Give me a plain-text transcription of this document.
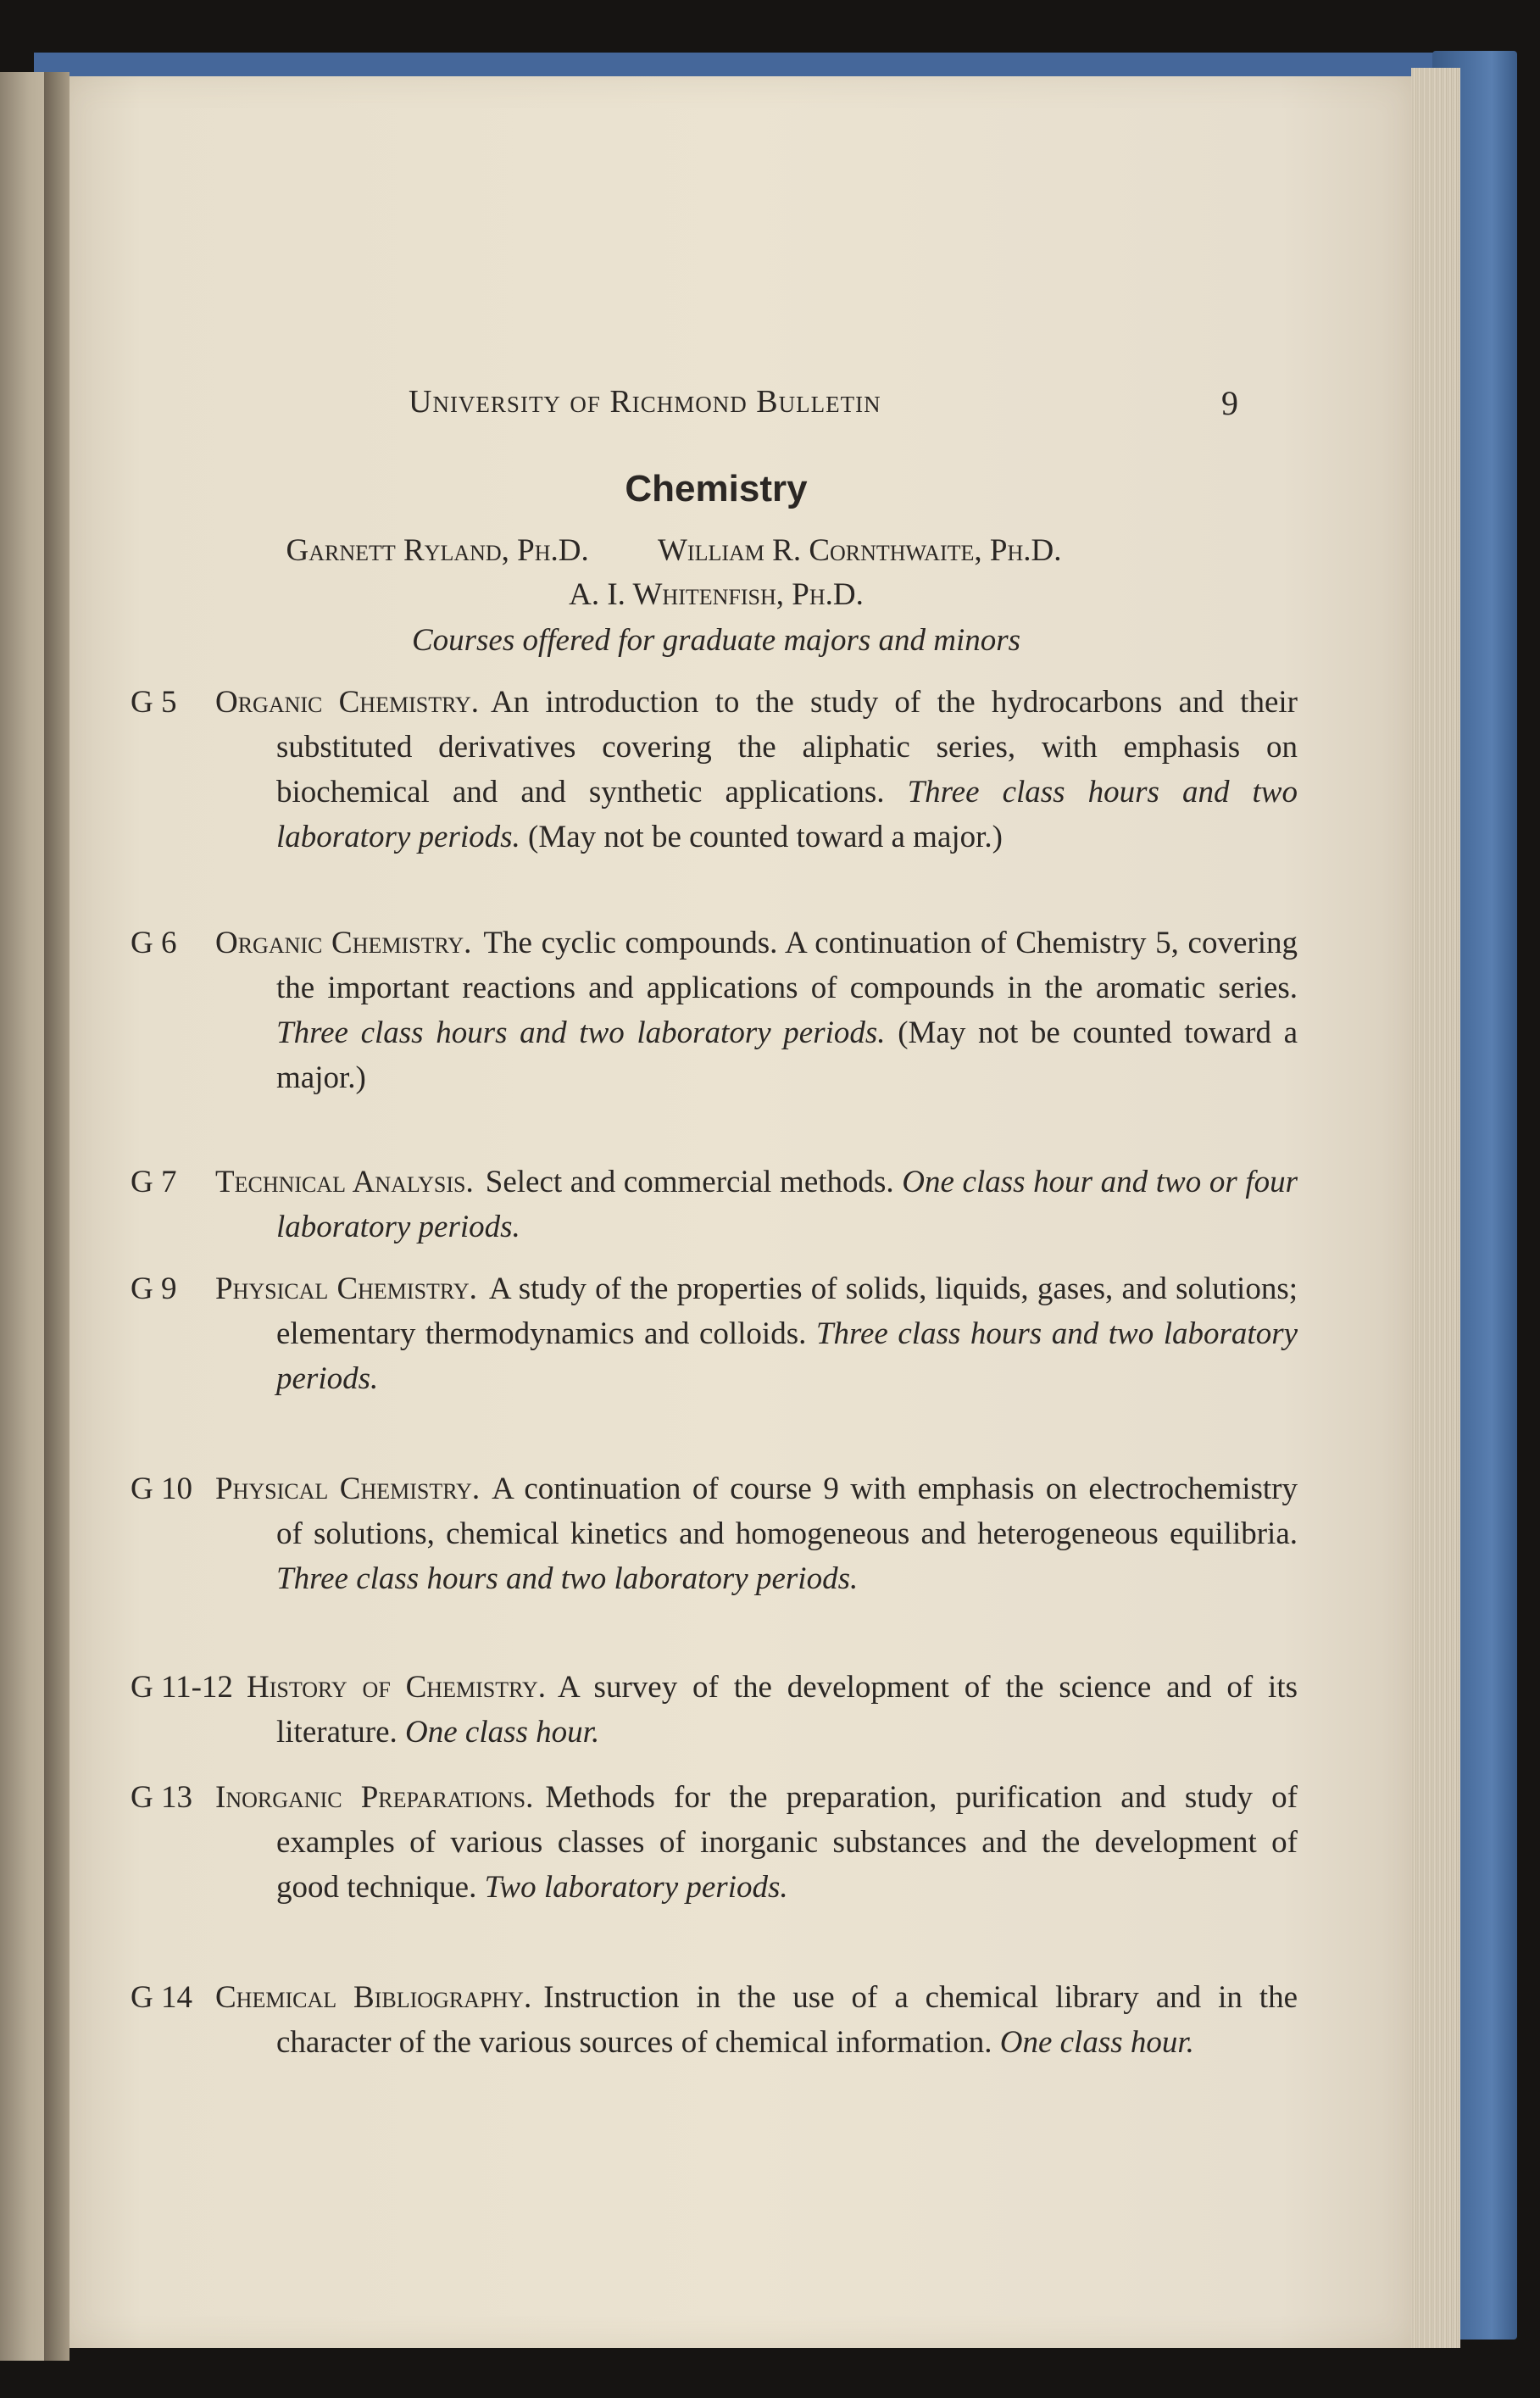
University of Richmond Bulletin	9
Chemistry
Garnett Ryland, Ph.D. William R. Cornthwaite, Ph.D.
A. I. Whitenfish, Ph.D.
Courses offered for graduate majors and minors
G 5 Organic Chemistry. An introduction to the study of the hydrocarbons and their substituted derivatives covering the aliphatic series, with emphasis on biochemical and and synthetic applications. Three class hours and two laboratory periods. (May not be counted toward a major.)
G 6 Organic Chemistry. The cyclic compounds. A continuation of Chemistry 5, covering the important reactions and applications of compounds in the aromatic series. Three class hours and two laboratory periods. (May not be counted toward a major.)
G 7 Technical Analysis. Select and commercial methods. One class hour and two or four laboratory periods.
G 9 Physical Chemistry. A study of the properties of solids, liquids, gases, and solutions; elementary thermodynamics and colloids. Three class hours and two laboratory periods.
G 10 Physical Chemistry. A continuation of course 9 with emphasis on electrochemistry of solutions, chemical kinetics and homogeneous and heterogeneous equilibria. Three class hours and two laboratory periods.
G 11-12 History of Chemistry. A survey of the development of the science and of its literature. One class hour.
G 13 Inorganic Preparations. Methods for the preparation, purification and study of examples of various classes of inorganic substances and the development of good technique. Two laboratory periods.
G 14 Chemical Bibliography. Instruction in the use of a chemical library and in the character of the various sources of chemical information. One class hour.
